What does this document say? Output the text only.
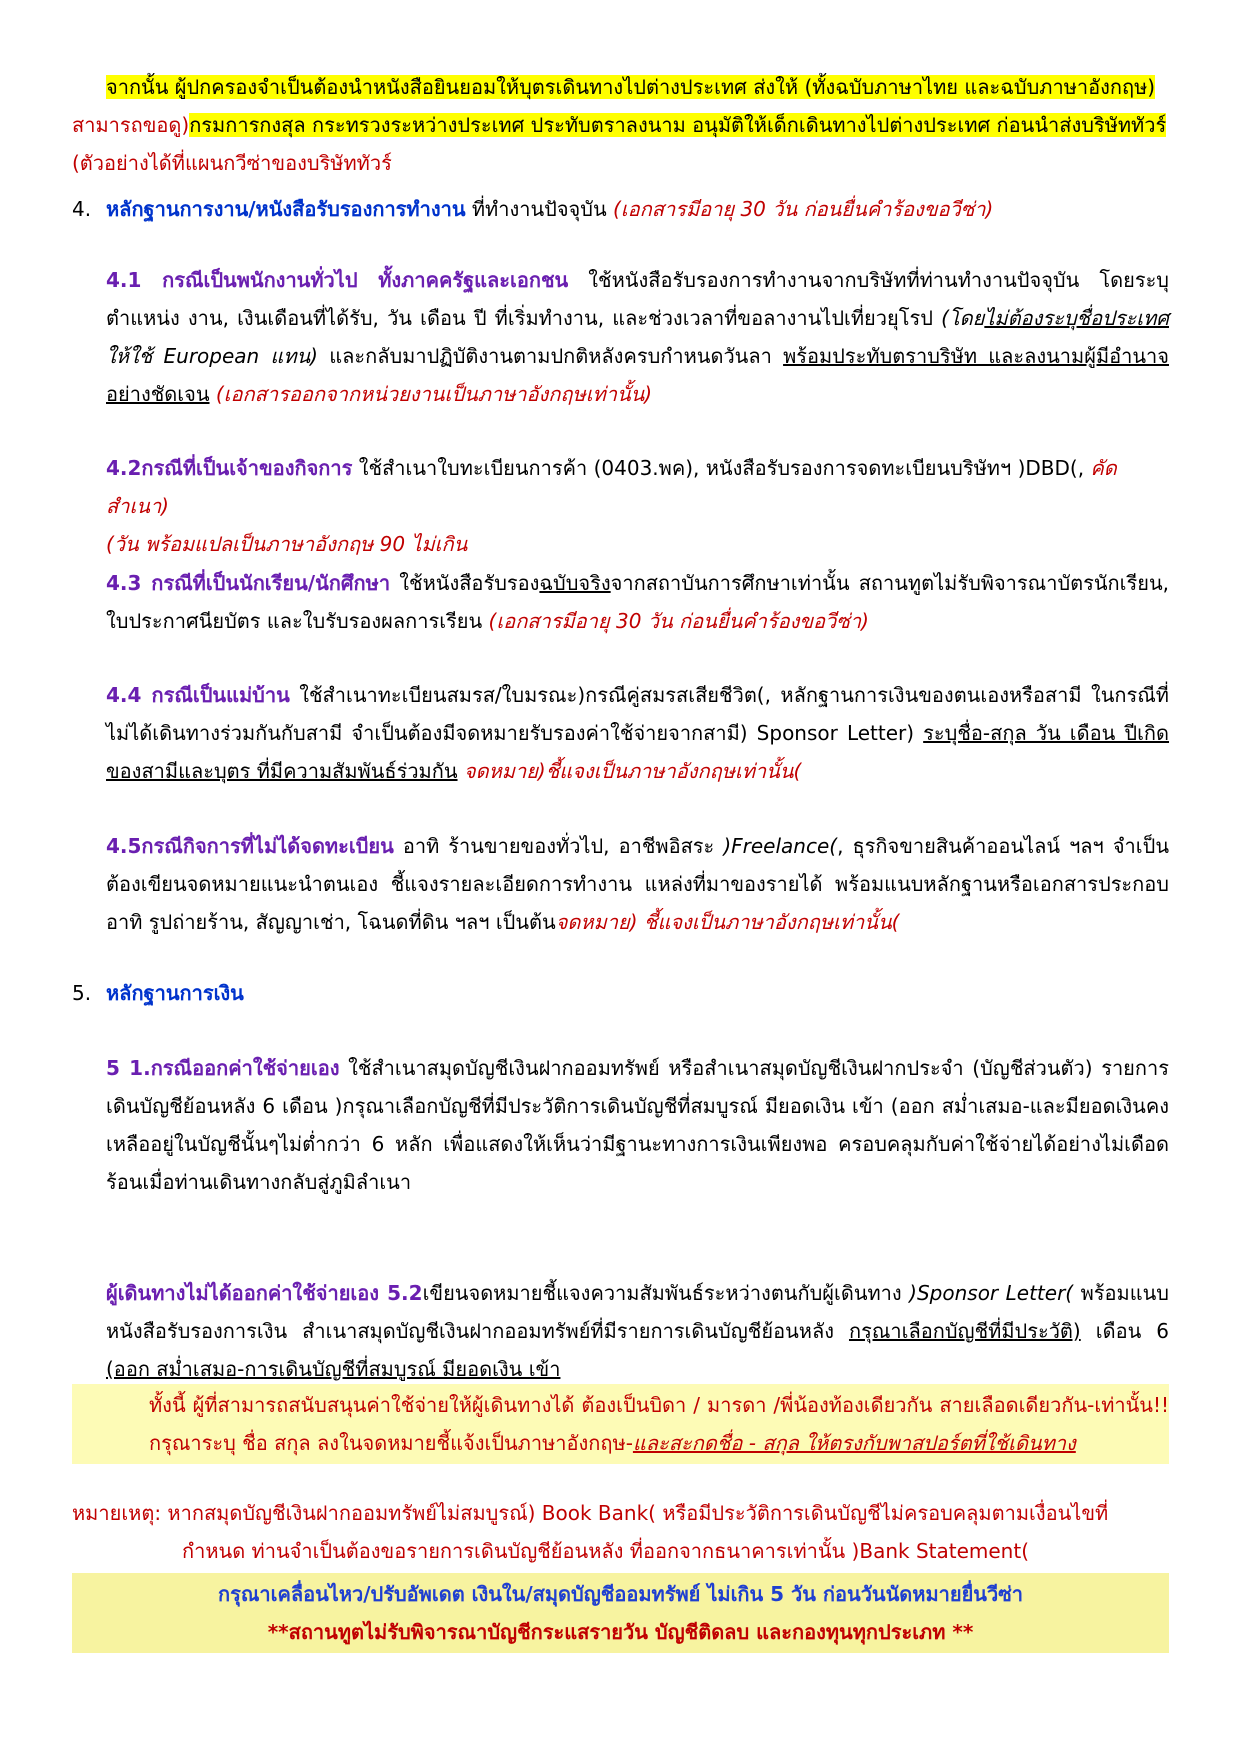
จากนั้น ผู้ปกครองจำเป็นต้องนำหนังสือยินยอมให้บุตรเดินทางไปต่างประเทศ ส่งให้ (ทั้งฉบับภาษาไทย และฉบับภาษาอังกฤษ)
สามารถขอดู)กรมการกงสุล กระทรวงระหว่างประเทศ ประทับตราลงนาม อนุมัติให้เด็กเดินทางไปต่างประเทศ ก่อนนำส่งบริษัททัวร์
(ตัวอย่างได้ที่แผนกวีซ่าของบริษัททัวร์
4. หลักฐานการงาน/หนังสือรับรองการทำงาน ที่ทำงานปัจจุบัน (เอกสารมีอายุ 30 วัน ก่อนยื่นคำร้องขอวีซ่า)
4.1 กรณีเป็นพนักงานทั่วไป ทั้งภาคครัฐและเอกชน ใช้หนังสือรับรองการทำงานจากบริษัทที่ท่านทำงานปัจจุบัน โดยระบุตำแหน่ง งาน, เงินเดือนที่ได้รับ, วัน เดือน ปี ที่เริ่มทำงาน, และช่วงเวลาที่ขอลางานไปเที่ยวยุโรป (โดยไม่ต้องระบุชื่อประเทศ ให้ใช้ European แทน) และกลับมาปฏิบัติงานตามปกติหลังครบกำหนดวันลา พร้อมประทับตราบริษัท และลงนามผู้มีอำนาจอย่างชัดเจน (เอกสารออกจากหน่วยงานเป็นภาษาอังกฤษเท่านั้น)
4.2กรณีที่เป็นเจ้าของกิจการ ใช้สำเนาใบทะเบียนการค้า (0403.พค), หนังสือรับรองการจดทะเบียนบริษัทฯ )DBD(, คัดสำเนา)
(วัน พร้อมแปลเป็นภาษาอังกฤษ 90 ไม่เกิน
4.3 กรณีที่เป็นนักเรียน/นักศึกษา ใช้หนังสือรับรองฉบับจริงจากสถาบันการศึกษาเท่านั้น สถานทูตไม่รับพิจารณาบัตรนักเรียน, ใบประกาศนียบัตร และใบรับรองผลการเรียน (เอกสารมีอายุ 30 วัน ก่อนยื่นคำร้องขอวีซ่า)
4.4 กรณีเป็นแม่บ้าน ใช้สำเนาทะเบียนสมรส/ใบมรณะ)กรณีคู่สมรสเสียชีวิต(, หลักฐานการเงินของตนเองหรือสามี ในกรณีที่ไม่ได้เดินทางร่วมกันกับสามี จำเป็นต้องมีจดหมายรับรองค่าใช้จ่ายจากสามี) Sponsor Letter) ระบุชื่อ-สกุล วัน เดือน ปีเกิด ของสามีและบุตร ที่มีความสัมพันธ์ร่วมกัน จดหมาย)ชี้แจงเป็นภาษาอังกฤษเท่านั้น(
4.5กรณีกิจการที่ไม่ได้จดทะเบียน อาทิ ร้านขายของทั่วไป, อาชีพอิสระ )Freelance(, ธุรกิจขายสินค้าออนไลน์ ฯลฯ จำเป็นต้องเขียนจดหมายแนะนำตนเอง ชี้แจงรายละเอียดการทำงาน แหล่งที่มาของรายได้ พร้อมแนบหลักฐานหรือเอกสารประกอบ อาทิ รูปถ่ายร้าน, สัญญาเช่า, โฉนดที่ดิน ฯลฯ เป็นต้นจดหมาย) ชี้แจงเป็นภาษาอังกฤษเท่านั้น(
5. หลักฐานการเงิน
5 1.กรณีออกค่าใช้จ่ายเอง ใช้สำเนาสมุดบัญชีเงินฝากออมทรัพย์ หรือสำเนาสมุดบัญชีเงินฝากประจำ (บัญชีส่วนตัว) รายการเดินบัญชีย้อนหลัง 6 เดือน )กรุณาเลือกบัญชีที่มีประวัติการเดินบัญชีที่สมบูรณ์ มียอดเงิน เข้า (ออก สม่ำเสมอ-และมียอดเงินคงเหลืออยู่ในบัญชีนั้นๆไม่ต่ำกว่า 6 หลัก เพื่อแสดงให้เห็นว่ามีฐานะทางการเงินเพียงพอ ครอบคลุมกับค่าใช้จ่ายได้อย่างไม่เดือดร้อนเมื่อท่านเดินทางกลับสู่ภูมิลำเนา
ผู้เดินทางไม่ได้ออกค่าใช้จ่ายเอง 5.2เขียนจดหมายชี้แจงความสัมพันธ์ระหว่างตนกับผู้เดินทาง )Sponsor Letter( พร้อมแนบหนังสือรับรองการเงิน สำเนาสมุดบัญชีเงินฝากออมทรัพย์ที่มีรายการเดินบัญชีย้อนหลัง กรุณาเลือกบัญชีที่มีประวัติ) เดือน 6 (ออก สม่ำเสมอ-การเดินบัญชีที่สมบูรณ์ มียอดเงิน เข้า
ทั้งนี้ ผู้ที่สามารถสนับสนุนค่าใช้จ่ายให้ผู้เดินทางได้ ต้องเป็นบิดา / มารดา /พี่น้องท้องเดียวกัน สายเลือดเดียวกัน-เท่านั้น!! กรุณาระบุ ชื่อ สกุล ลงในจดหมายชี้แจ้งเป็นภาษาอังกฤษ-และสะกดชื่อ - สกุล ให้ตรงกับพาสปอร์ตที่ใช้เดินทาง
หมายเหตุ: หากสมุดบัญชีเงินฝากออมทรัพย์ไม่สมบูรณ์) Book Bank( หรือมีประวัติการเดินบัญชีไม่ครอบคลุมตามเงื่อนไขที่
กำหนด ท่านจำเป็นต้องขอรายการเดินบัญชีย้อนหลัง ที่ออกจากธนาคารเท่านั้น )Bank Statement(
กรุณาเคลื่อนไหว/ปรับอัพเดต เงินใน/สมุดบัญชีออมทรัพย์ ไม่เกิน 5 วัน ก่อนวันนัดหมายยื่นวีซ่า
**สถานทูตไม่รับพิจารณาบัญชีกระแสรายวัน บัญชีติดลบ และกองทุนทุกประเภท **
